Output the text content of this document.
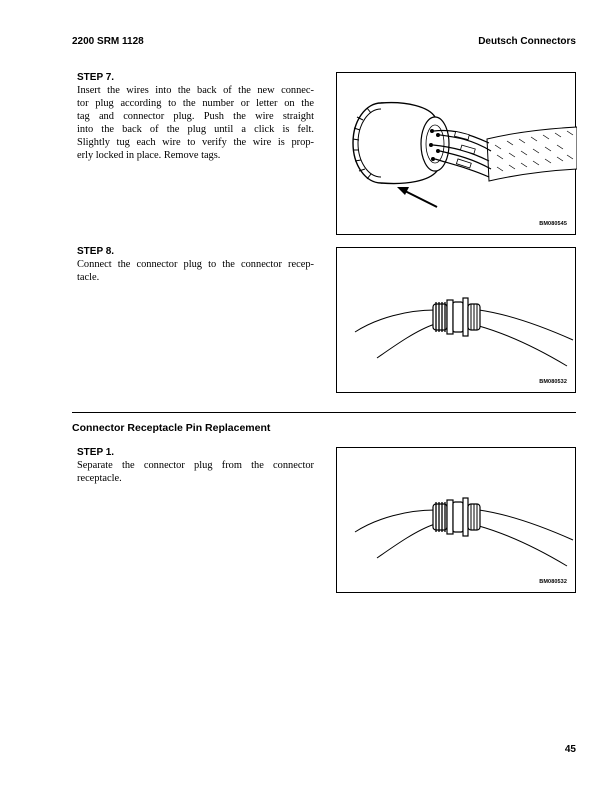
2200 SRM 1128	Deutsch Connectors
STEP 7.
Insert the wires into the back of the new connec-
tor plug according to the number or letter on the
tag and connector plug. Push the wire straight
into the back of the plug until a click is felt.
Slightly tug each wire to verify the wire is prop-
erly locked in place. Remove tags.
BM080545
STEP 8.
Connect the connector plug to the connector recep-
tacle.
BM080532
Connector Receptacle Pin Replacement
STEP 1.
Separate the connector plug from the connector
receptacle.
BM080532
45
